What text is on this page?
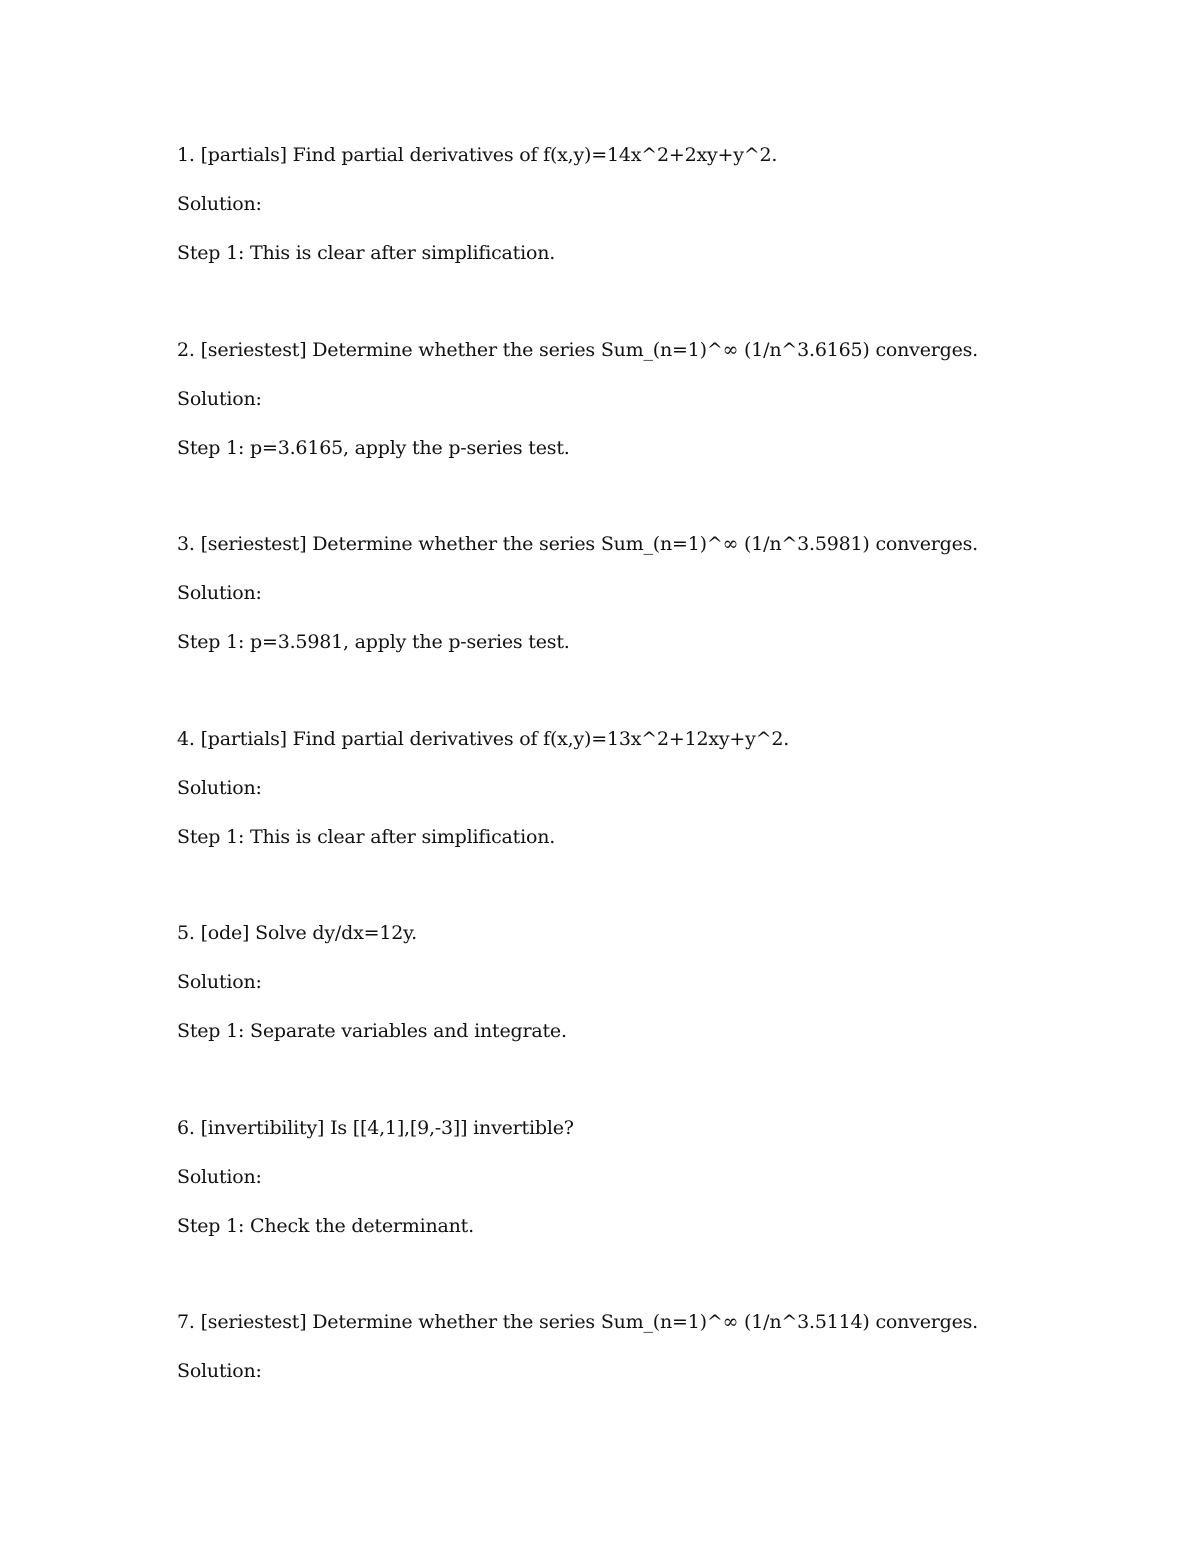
1. [partials] Find partial derivatives of f(x,y)=14x^2+2xy+y^2.
Solution:
Step 1: This is clear after simplification.
2. [seriestest] Determine whether the series Sum_(n=1)^∞ (1/n^3.6165) converges.
Solution:
Step 1: p=3.6165, apply the p-series test.
3. [seriestest] Determine whether the series Sum_(n=1)^∞ (1/n^3.5981) converges.
Solution:
Step 1: p=3.5981, apply the p-series test.
4. [partials] Find partial derivatives of f(x,y)=13x^2+12xy+y^2.
Solution:
Step 1: This is clear after simplification.
5. [ode] Solve dy/dx=12y.
Solution:
Step 1: Separate variables and integrate.
6. [invertibility] Is [[4,1],[9,-3]] invertible?
Solution:
Step 1: Check the determinant.
7. [seriestest] Determine whether the series Sum_(n=1)^∞ (1/n^3.5114) converges.
Solution:
